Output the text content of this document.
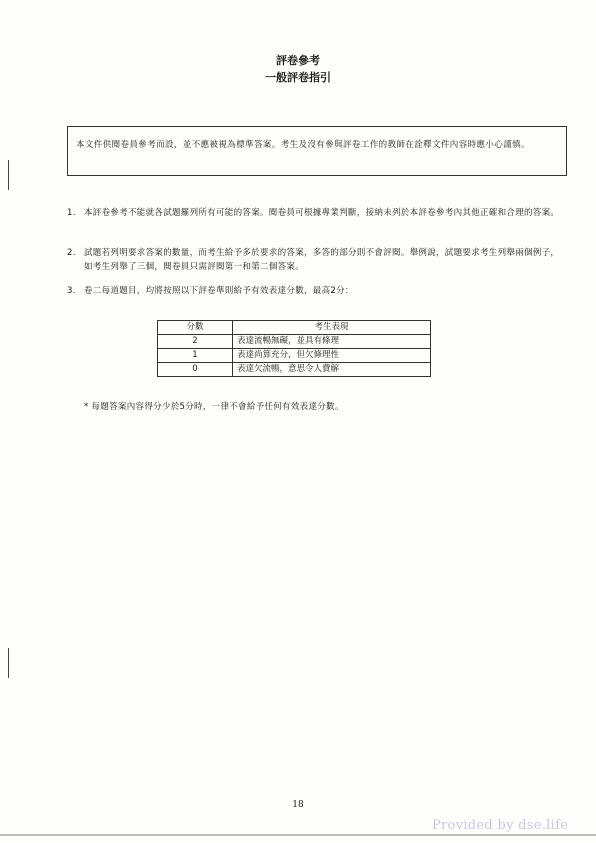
評卷參考
一般評卷指引
本文件供閱卷員參考而設，並不應被視為標準答案。考生及沒有參與評卷工作的教師在詮釋文件內容時應小心謹慎。
1. 本評卷參考不能就各試題羅列所有可能的答案。閱卷員可根據專業判斷，接納未列於本評卷參考內其他正確和合理的答案。
2. 試題若列明要求答案的數量，而考生給予多於要求的答案，多答的部分則不會評閱。舉例說，試題要求考生列舉兩個例子，如考生列舉了三個，閱卷員只需評閱第一和第二個答案。
3. 卷二每道題目，均將按照以下評卷準則給予有效表達分數，最高2分：
分數	考生表現
2	表達流暢無礙，並具有條理
1	表達尚算充分，但欠條理性
0	表達欠流暢，意思令人費解
* 每題答案內容得分少於5分時，一律不會給予任何有效表達分數。
18
Provided by dse.life
